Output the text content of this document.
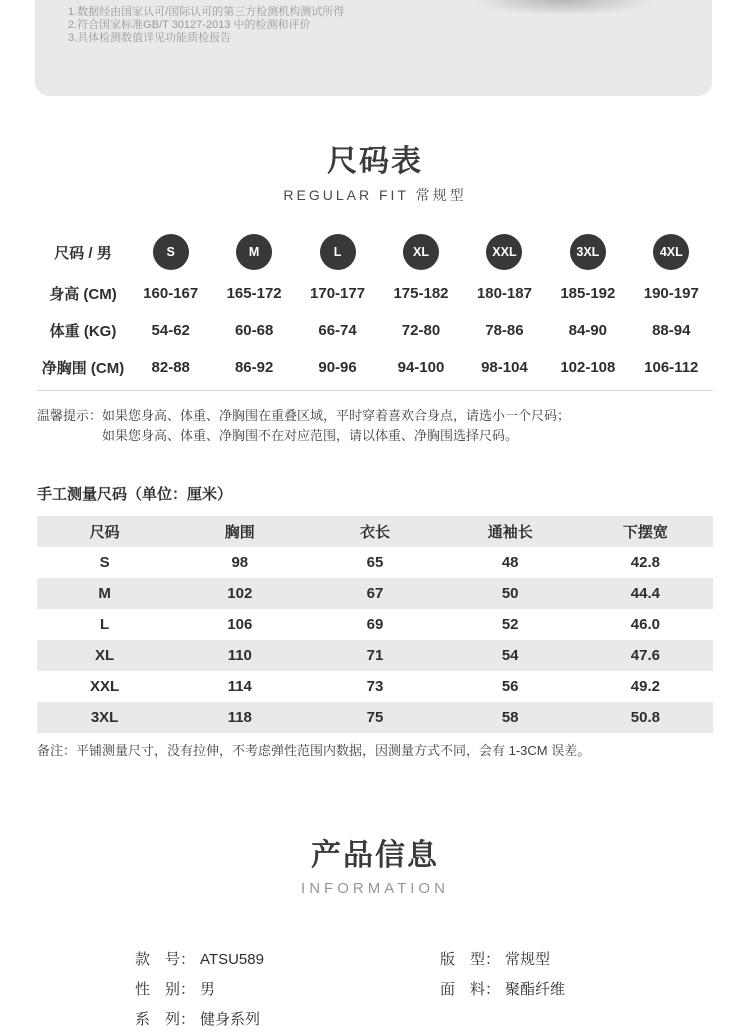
1.数据经由国家认可/国际认可的第三方检测机构测试所得
2.符合国家标准GB/T 30127-2013 中的检测和评价
3.具体检测数值详见功能质检报告
尺码表
REGULAR FIT 常规型
尺码 / 男	S	M	L	XL	XXL	3XL	4XL
身高 (CM)	160-167 165-172 170-177 175-182 180-187 185-192 190-197
体重 (KG)	54-62	60-68	66-74	72-80	78-86	84-90	88-94
净胸围 (CM)	82-88	86-92	90-96	94-100 98-104 102-108 106-112
温馨提示： 如果您身高、体重、净胸围在重叠区域，平时穿着喜欢合身点，请选小一个尺码；
如果您身高、体重、净胸围不在对应范围，请以体重、净胸围选择尺码。
手工测量尺码（单位：厘米）
尺码	胸围	衣长	通袖长	下摆宽
S	98	65	48	42.8
M	102	67	50	44.4
L	106	69	52	46.0
XL	110	71	54	47.6
XXL	114	73	56	49.2
3XL	118	75	58	50.8
备注：平铺测量尺寸，没有拉伸，不考虑弹性范围内数据，因测量方式不同，会有 1-3CM 误差。
产品信息
INFORMATION
款　号： ATSU589	版　型： 常规型
性　别： 男	面　料： 聚酯纤维
系　列： 健身系列
